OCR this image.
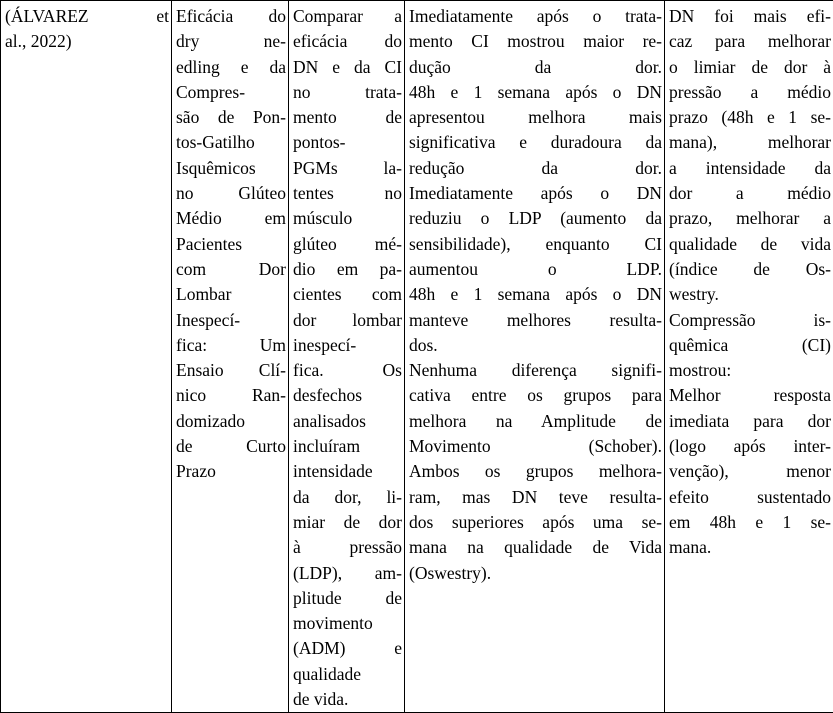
(ÁLVAREZ et
al., 2022)

Eficácia do
dry ne-
edling e da
Compres-
são de Pon-
tos-Gatilho
Isquêmicos
no Glúteo
Médio em
Pacientes
com Dor
Lombar
Inespecí-
fica: Um
Ensaio Clí-
nico Ran-
domizado
de Curto
Prazo

Comparar a
eficácia do
DN e da CI
no trata-
mento de
pontos-
PGMs la-
tentes no
músculo
glúteo mé-
dio em pa-
cientes com
dor lombar
inespecí-
fica. Os
desfechos
analisados
incluíram
intensidade
da dor, li-
miar de dor
à pressão
(LDP), am-
plitude de
movimento
(ADM) e
qualidade
de vida.

Imediatamente após o trata-
mento CI mostrou maior re-
dução da dor.
48h e 1 semana após o DN
apresentou melhora mais
significativa e duradoura da
redução da dor.
Imediatamente após o DN
reduziu o LDP (aumento da
sensibilidade), enquanto CI
aumentou o LDP.
48h e 1 semana após o DN
manteve melhores resulta-
dos.
Nenhuma diferença signifi-
cativa entre os grupos para
melhora na Amplitude de
Movimento (Schober).
Ambos os grupos melhora-
ram, mas DN teve resulta-
dos superiores após uma se-
mana na qualidade de Vida
(Oswestry).

DN foi mais efi-
caz para melhorar
o limiar de dor à
pressão a médio
prazo (48h e 1 se-
mana), melhorar
a intensidade da
dor a médio
prazo, melhorar a
qualidade de vida
(índice de Os-
westry.
Compressão is-
quêmica (CI)
mostrou:
Melhor resposta
imediata para dor
(logo após inter-
venção), menor
efeito sustentado
em 48h e 1 se-
mana.
